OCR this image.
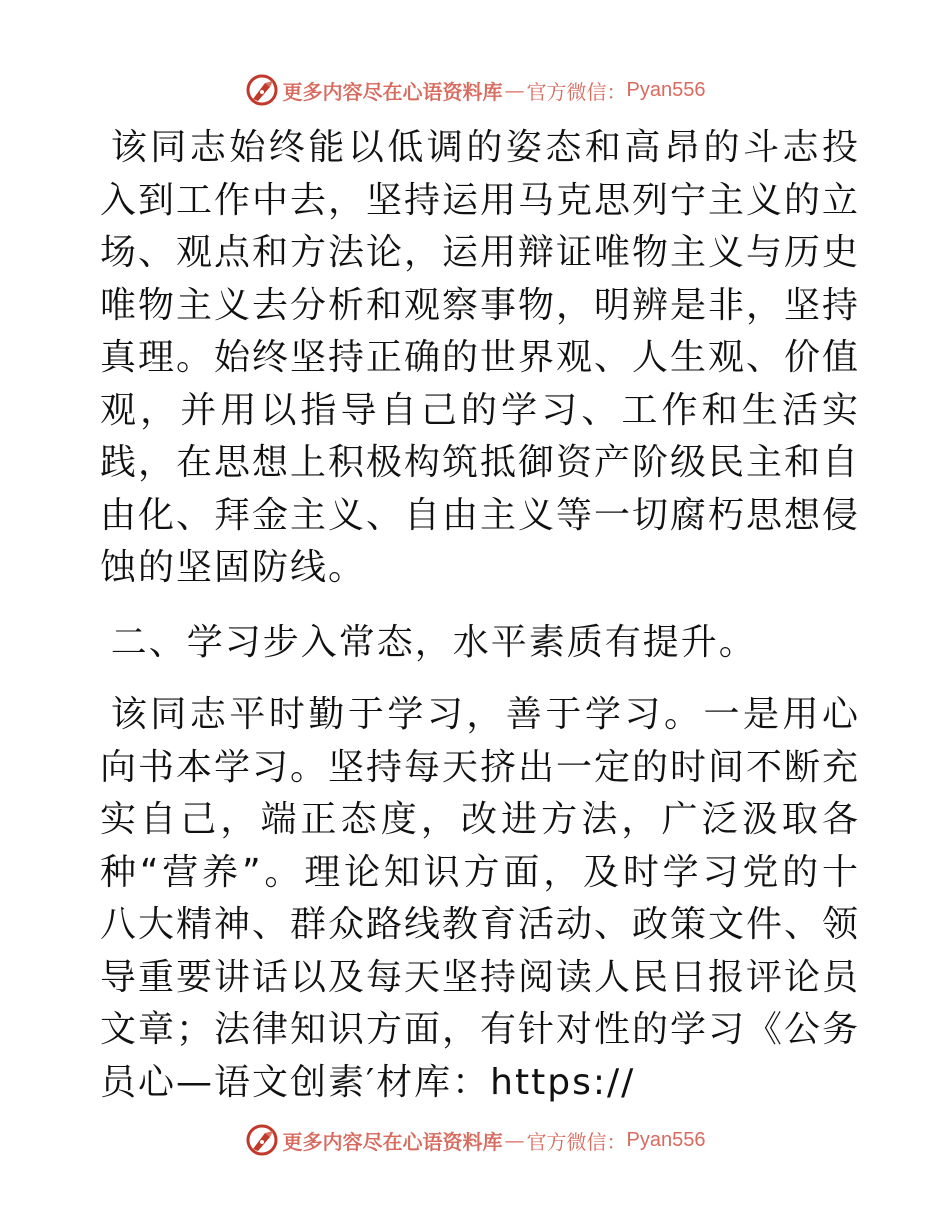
更多内容尽在心语资料库 — 官方微信： Pyan556

该同志始终能以低调的姿态和高昂的斗志投入到工作中去，坚持运用马克思列宁主义的立场、观点和方法论，运用辩证唯物主义与历史唯物主义去分析和观察事物，明辨是非，坚持真理。始终坚持正确的世界观、人生观、价值观，并用以指导自己的学习、工作和生活实践，在思想上积极构筑抵御资产阶级民主和自由化、拜金主义、自由主义等一切腐朽思想侵蚀的坚固防线。

二、学习步入常态，水平素质有提升。

该同志平时勤于学习，善于学习。一是用心向书本学习。坚持每天挤出一定的时间不断充实自己，端正态度，改进方法，广泛汲取各种“营养”。理论知识方面，及时学习党的十八大精神、群众路线教育活动、政策文件、领导重要讲话以及每天坚持阅读人民日报评论员文章；法律知识方面，有针对性的学习《公务员心—语文创素′材库：https://

更多内容尽在心语资料库 — 官方微信： Pyan556
